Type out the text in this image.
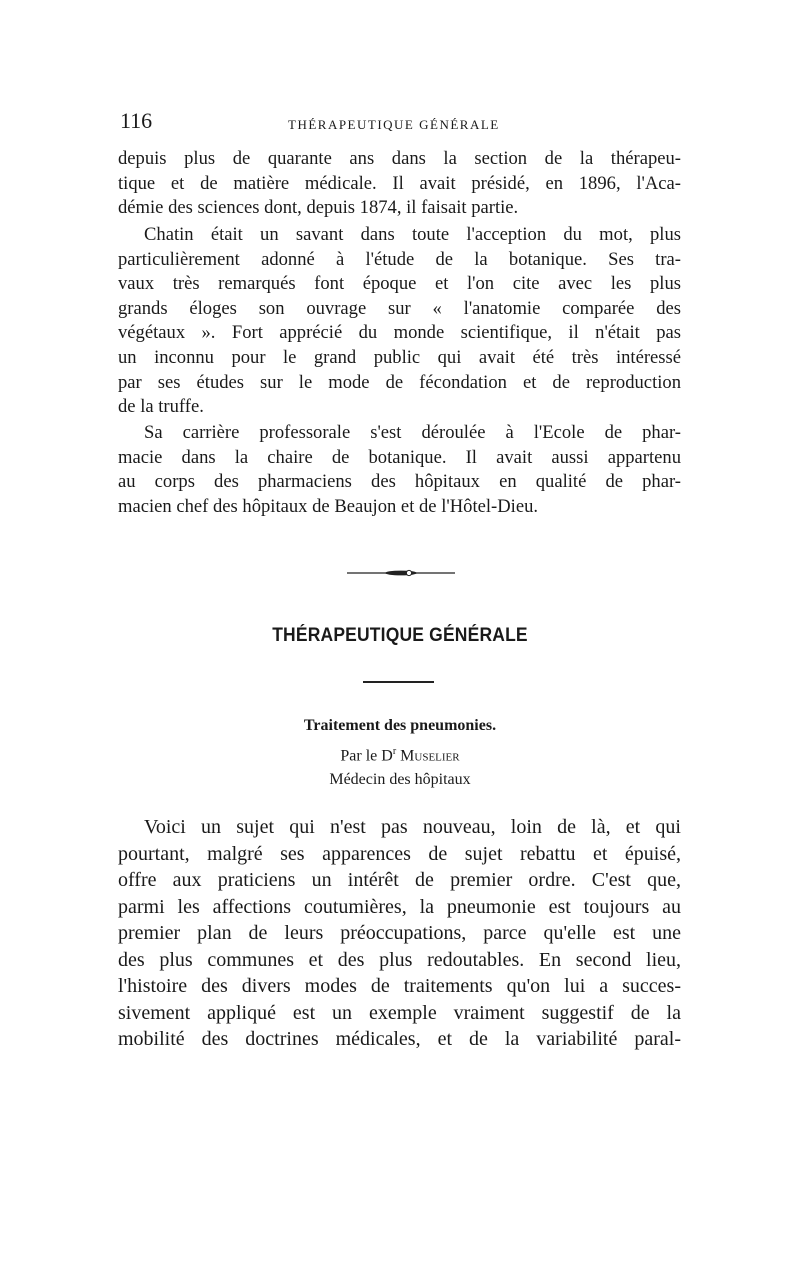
116	THÉRAPEUTIQUE GÉNÉRALE
depuis plus de quarante ans dans la section de la thérapeu-
tique et de matière médicale. Il avait présidé, en 1896, l'Aca-
démie des sciences dont, depuis 1874, il faisait partie.
Chatin était un savant dans toute l'acception du mot, plus
particulièrement adonné à l'étude de la botanique. Ses tra-
vaux très remarqués font époque et l'on cite avec les plus
grands éloges son ouvrage sur « l'anatomie comparée des
végétaux ». Fort apprécié du monde scientifique, il n'était pas
un inconnu pour le grand public qui avait été très intéressé
par ses études sur le mode de fécondation et de reproduction
de la truffe.
Sa carrière professorale s'est déroulée à l'Ecole de phar-
macie dans la chaire de botanique. Il avait aussi appartenu
au corps des pharmaciens des hôpitaux en qualité de phar-
macien chef des hôpitaux de Beaujon et de l'Hôtel-Dieu.
THÉRAPEUTIQUE GÉNÉRALE
Traitement des pneumonies.
Par le $D^r$ Muselier
Médecin des hôpitaux
Voici un sujet qui n'est pas nouveau, loin de là, et qui
pourtant, malgré ses apparences de sujet rebattu et épuisé,
offre aux praticiens un intérêt de premier ordre. C'est que,
parmi les affections coutumières, la pneumonie est toujours au
premier plan de leurs préoccupations, parce qu'elle est une
des plus communes et des plus redoutables. En second lieu,
l'histoire des divers modes de traitements qu'on lui a succes-
sivement appliqué est un exemple vraiment suggestif de la
mobilité des doctrines médicales, et de la variabilité paral-
